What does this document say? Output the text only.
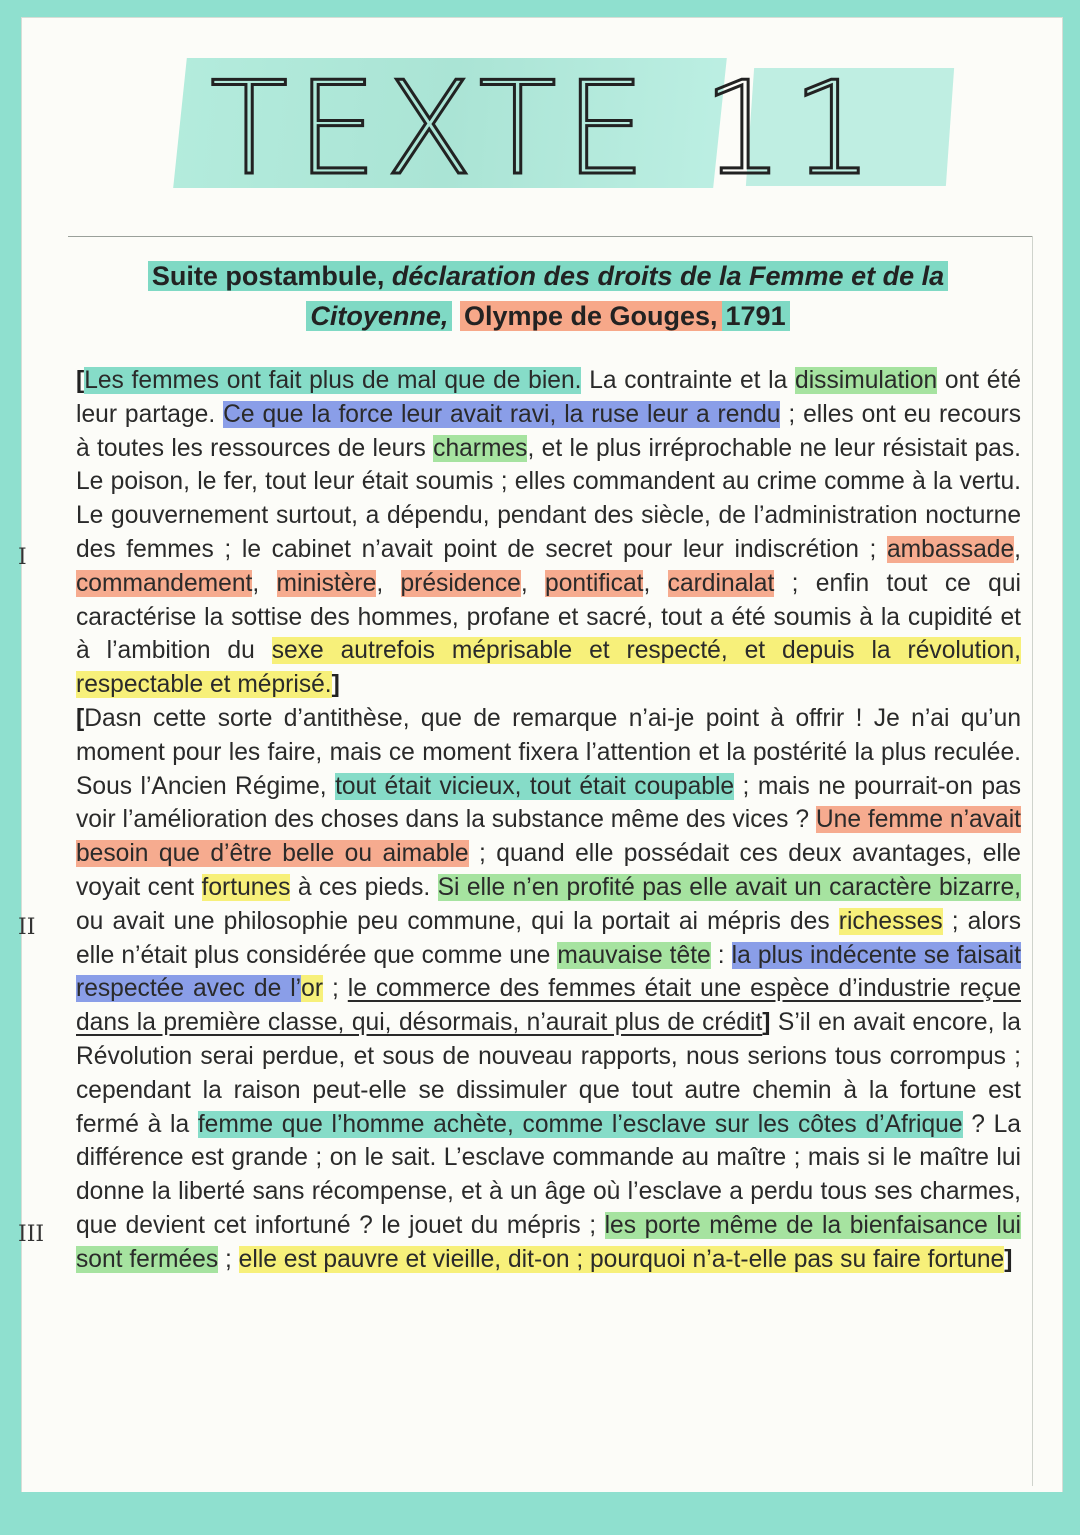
TEXTE 11
Suite postambule, déclaration des droits de la Femme et de la
Citoyenne, Olympe de Gouges, 1791
I
II
III

[Les femmes ont fait plus de mal que de bien. La contrainte et la dissimulation ont été leur partage. Ce que la force leur avait ravi, la ruse leur a rendu ; elles ont eu recours à toutes les ressources de leurs charmes, et le plus irréprochable ne leur résistait pas. Le poison, le fer, tout leur était soumis ; elles commandent au crime comme à la vertu. Le gouvernement surtout, a dépendu, pendant des siècle, de l’administration nocturne des femmes ; le cabinet n’avait point de secret pour leur indiscrétion ; ambassade, commandement, ministère, présidence, pontificat, cardinalat ; enfin tout ce qui caractérise la sottise des hommes, profane et sacré, tout a été soumis à la cupidité et à l’ambition du sexe autrefois méprisable et respecté, et depuis la révolution, respectable et méprisé.]

[Dasn cette sorte d’antithèse, que de remarque n’ai-je point à offrir ! Je n’ai qu’un moment pour les faire, mais ce moment fixera l’attention et la postérité la plus reculée. Sous l’Ancien Régime, tout était vicieux, tout était coupable ; mais ne pourrait-on pas voir l’amélioration des choses dans la substance même des vices ? Une femme n’avait besoin que d’être belle ou aimable ; quand elle possédait ces deux avantages, elle voyait cent fortunes à ces pieds. Si elle n’en profité pas elle avait un caractère bizarre, ou avait une philosophie peu commune, qui la portait ai mépris des richesses ; alors elle n’était plus considérée que comme une mauvaise tête : la plus indécente se faisait respectée avec de l’or ; le commerce des femmes était une espèce d’industrie reçue dans la première classe, qui, désormais, n’aurait plus de crédit] S’il en avait encore, la Révolution serai perdue, et sous de nouveau rapports, nous serions tous corrompus ; cependant la raison peut-elle se dissimuler que tout autre chemin à la fortune est fermé à la femme que l’homme achète, comme l’esclave sur les côtes d’Afrique ? La différence est grande ; on le sait. L’esclave commande au maître ; mais si le maître lui donne la liberté sans récompense, et à un âge où l’esclave a perdu tous ses charmes, que devient cet infortuné ? le jouet du mépris ; les porte même de la bienfaisance lui sont fermées ; elle est pauvre et vieille, dit-on ; pourquoi n’a-t-elle pas su faire fortune]
